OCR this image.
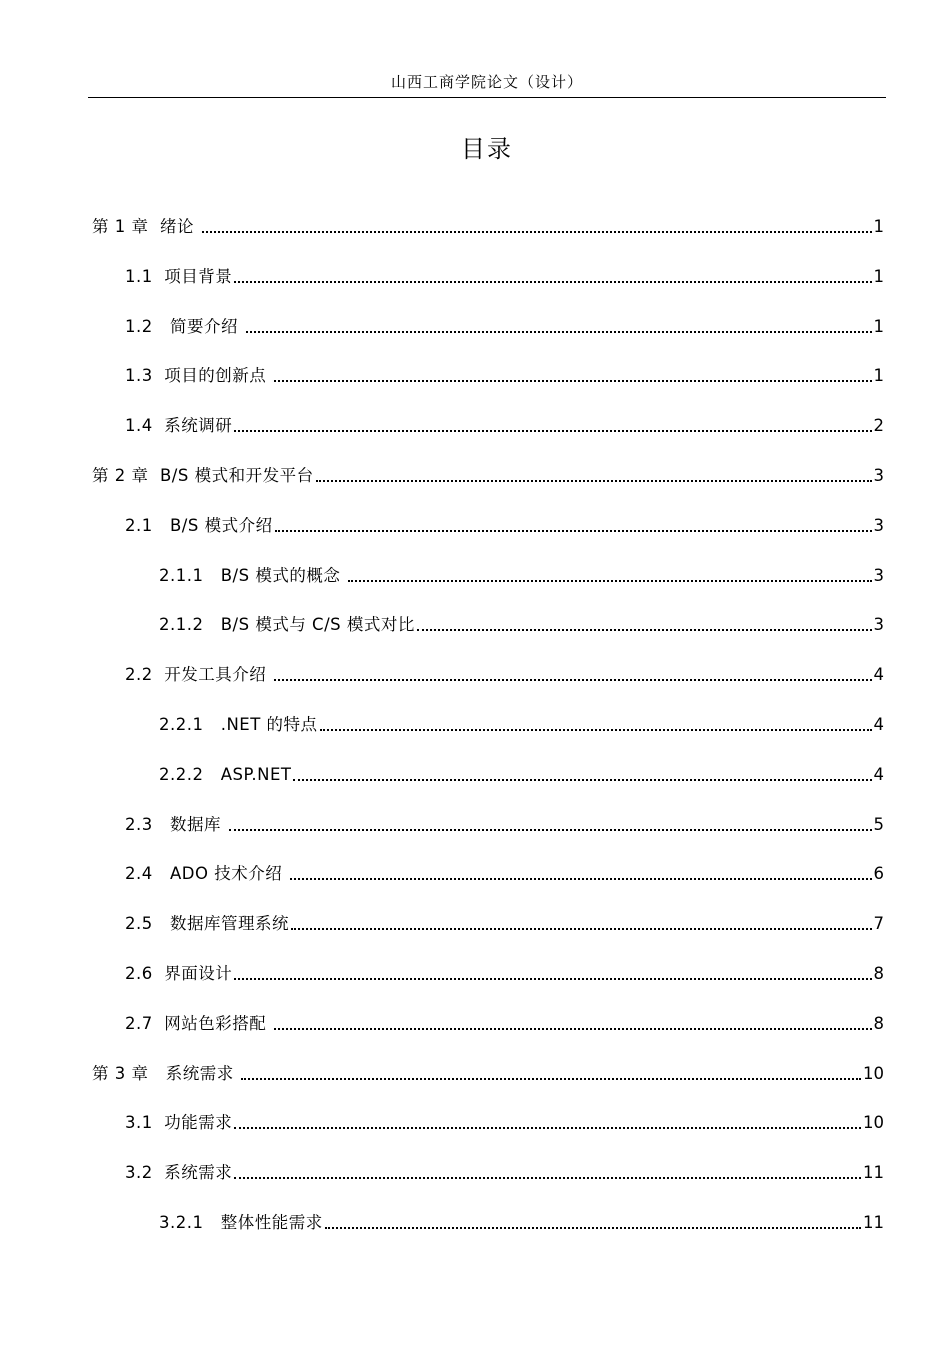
山西工商学院论文（设计）
目录
第 1 章  绪论	1
1.1  项目背景	1
1.2   简要介绍	1
1.3  项目的创新点	1
1.4  系统调研	2
第 2 章  B/S 模式和开发平台	3
2.1   B/S 模式介绍	3
2.1.1   B/S 模式的概念	3
2.1.2   B/S 模式与 C/S 模式对比	3
2.2  开发工具介绍	4
2.2.1   .NET 的特点	4
2.2.2   ASP.NET	4
2.3   数据库	5
2.4   ADO 技术介绍	6
2.5   数据库管理系统	7
2.6  界面设计	8
2.7  网站色彩搭配	8
第 3 章   系统需求	10
3.1  功能需求	10
3.2  系统需求	11
3.2.1   整体性能需求	11
